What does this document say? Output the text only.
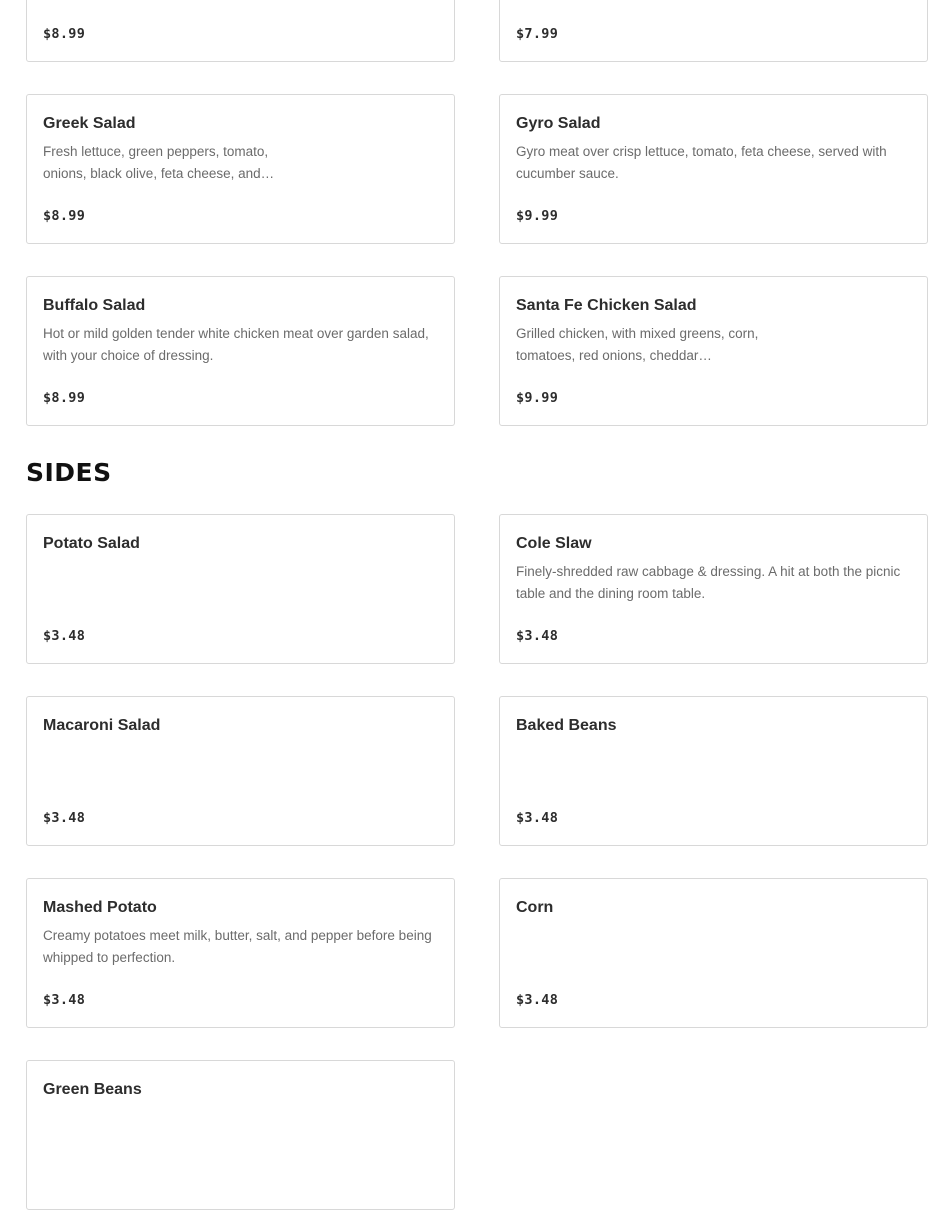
$8.99	$7.99
Greek Salad
Fresh lettuce, green peppers, tomato, onions, black olive, feta cheese, and…
$8.99
Gyro Salad
Gyro meat over crisp lettuce, tomato, feta cheese, served with cucumber sauce.
$9.99
Buffalo Salad
Hot or mild golden tender white chicken meat over garden salad, with your choice of dressing.
$8.99
Santa Fe Chicken Salad
Grilled chicken, with mixed greens, corn, tomatoes, red onions, cheddar…
$9.99
SIDES
Potato Salad
$3.48
Cole Slaw
Finely-shredded raw cabbage & dressing. A hit at both the picnic table and the dining room table.
$3.48
Macaroni Salad
$3.48
Baked Beans
$3.48
Mashed Potato
Creamy potatoes meet milk, butter, salt, and pepper before being whipped to perfection.
$3.48
Corn
$3.48
Green Beans
